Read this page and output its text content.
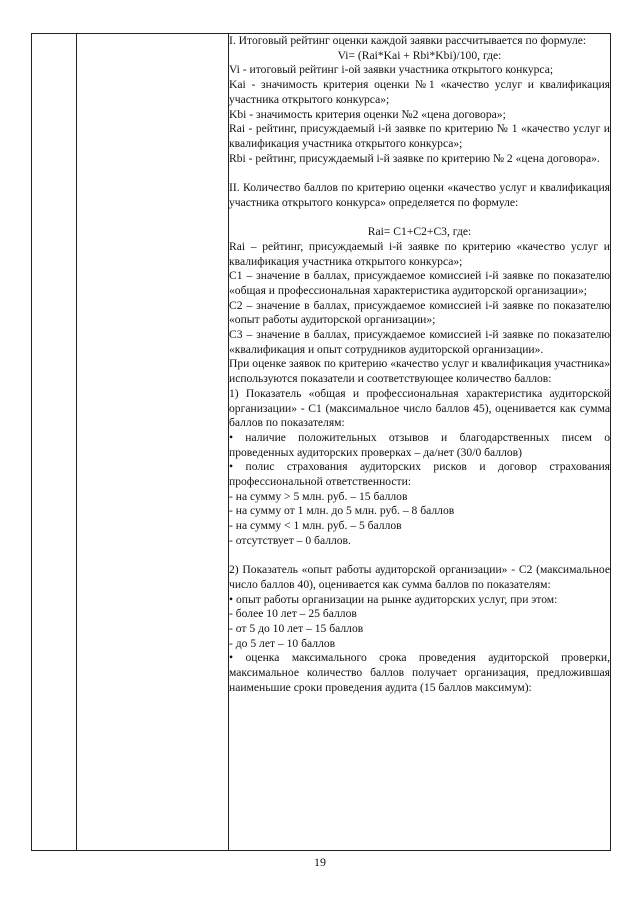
I. Итоговый рейтинг оценки каждой заявки рассчитывается по формуле:

Vi= (Rai*Kai + Rbi*Kbi)/100, где:

Vi - итоговый рейтинг i-ой заявки участника открытого конкурса;

Kai - значимость критерия оценки №1 «качество услуг и квалификация участника открытого конкурса»;

Kbi - значимость критерия оценки №2 «цена договора»;

Rai - рейтинг, присуждаемый i-й заявке по критерию № 1 «качество услуг и квалификация участника открытого конкурса»;

Rbi - рейтинг, присуждаемый i-й заявке по критерию № 2 «цена договора».

II. Количество баллов по критерию оценки «качество услуг и квалификация участника открытого конкурса» определяется по формуле:

Rai= C1+C2+C3, где:

Rai – рейтинг, присуждаемый i-й заявке по критерию «качество услуг и квалификация участника открытого конкурса»;

C1 – значение в баллах, присуждаемое комиссией i-й заявке по показателю «общая и профессиональная характеристика аудиторской организации»;

C2 – значение в баллах, присуждаемое комиссией i-й заявке по показателю «опыт работы аудиторской организации»;

C3 – значение в баллах, присуждаемое комиссией i-й заявке по показателю «квалификация и опыт сотрудников аудиторской организации».

При оценке заявок по критерию «качество услуг и квалификация участника» используются показатели и соответствующее количество баллов:

1) Показатель «общая и профессиональная характеристика аудиторской организации» - C1 (максимальное число баллов 45), оценивается как сумма баллов по показателям:

• наличие положительных отзывов и благодарственных писем о проведенных аудиторских проверках – да/нет (30/0 баллов)

• полис страхования аудиторских рисков и договор страхования профессиональной ответственности:

- на сумму > 5 млн. руб. – 15 баллов

- на сумму от 1 млн. до 5 млн. руб. – 8 баллов

- на сумму < 1 млн. руб. – 5 баллов

- отсутствует – 0 баллов.

2) Показатель «опыт работы аудиторской организации» - C2 (максимальное число баллов 40), оценивается как сумма баллов по показателям:

• опыт работы организации на рынке аудиторских услуг, при этом:

- более 10 лет – 25 баллов

- от 5 до 10 лет – 15 баллов

- до 5 лет – 10 баллов

• оценка максимального срока проведения аудиторской проверки, максимальное количество баллов получает организация, предложившая наименьшие сроки проведения аудита (15 баллов максимум):

19
